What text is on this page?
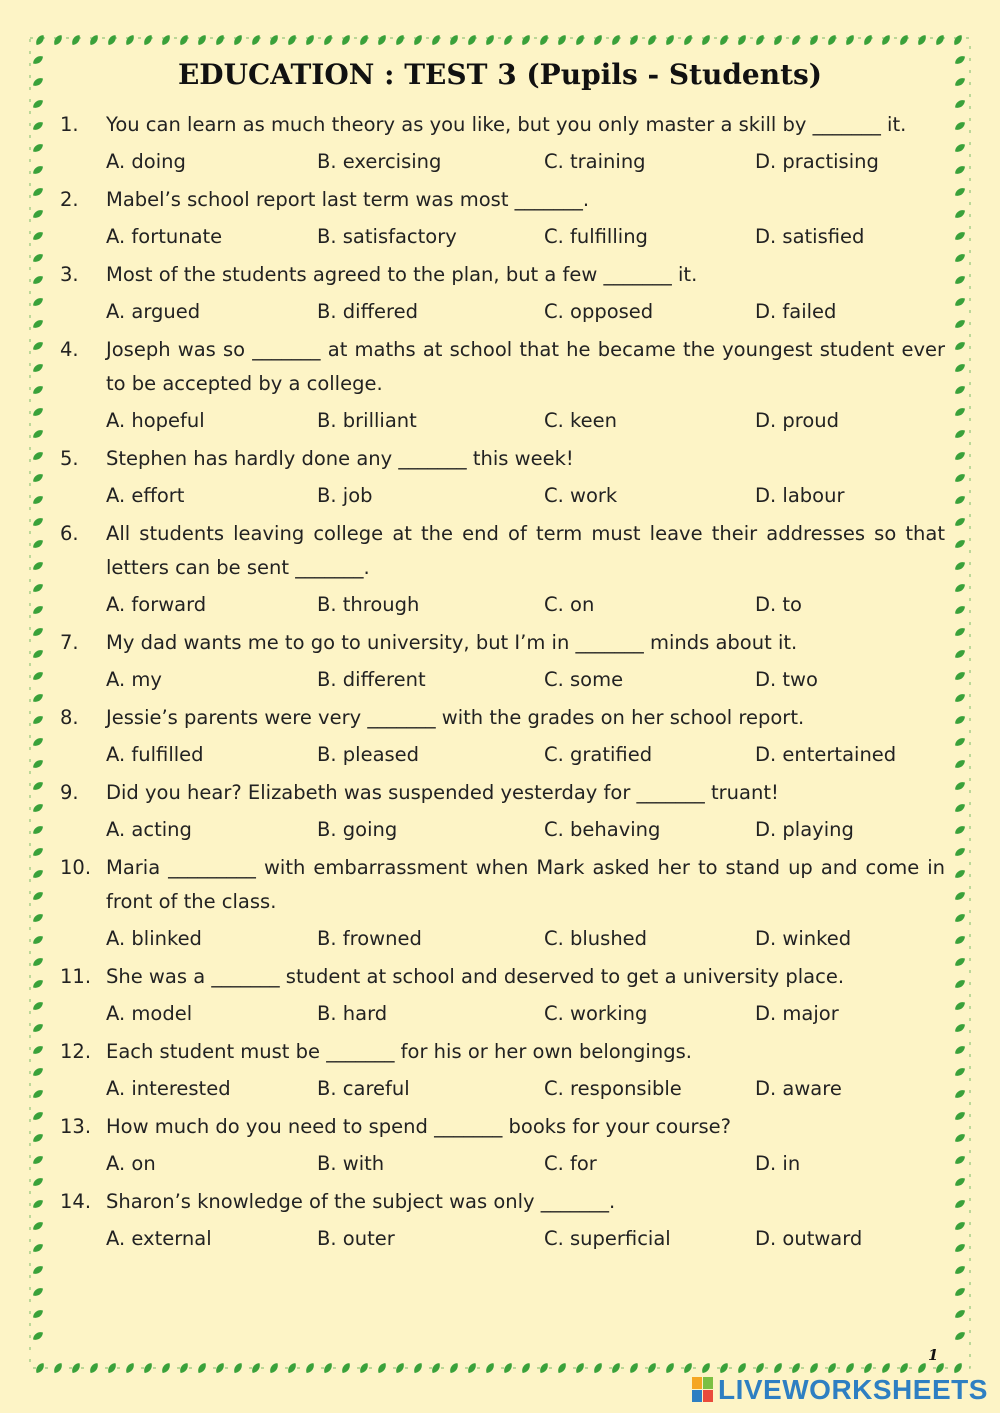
EDUCATION : TEST 3 (Pupils - Students)
1.	You can learn as much theory as you like, but you only master a skill by _______ it.
A. doing	B. exercising	C. training	D. practising
2.	Mabel’s school report last term was most _______.
A. fortunate	B. satisfactory	C. fulfilling	D. satisfied
3.	Most of the students agreed to the plan, but a few _______ it.
A. argued	B. differed	C. opposed	D. failed
4.	Joseph was so _______ at maths at school that he became the youngest student ever to be accepted by a college.
A. hopeful	B. brilliant	C. keen	D. proud
5.	Stephen has hardly done any _______ this week!
A. effort	B. job	C. work	D. labour
6.	All students leaving college at the end of term must leave their addresses so that letters can be sent _______.
A. forward	B. through	C. on	D. to
7.	My dad wants me to go to university, but I’m in _______ minds about it.
A. my	B. different	C. some	D. two
8.	Jessie’s parents were very _______ with the grades on her school report.
A. fulfilled	B. pleased	C. gratified	D. entertained
9.	Did you hear? Elizabeth was suspended yesterday for _______ truant!
A. acting	B. going	C. behaving	D. playing
10. Maria _________ with embarrassment when Mark asked her to stand up and come in front of the class.
A. blinked	B. frowned	C. blushed	D. winked
11. She was a _______ student at school and deserved to get a university place.
A. model	B. hard	C. working	D. major
12. Each student must be _______ for his or her own belongings.
A. interested	B. careful	C. responsible	D. aware
13. How much do you need to spend _______ books for your course?
A. on	B. with	C. for	D. in
14. Sharon’s knowledge of the subject was only _______.
A. external	B. outer	C. superficial	D. outward
1
LIVEWORKSHEETS
